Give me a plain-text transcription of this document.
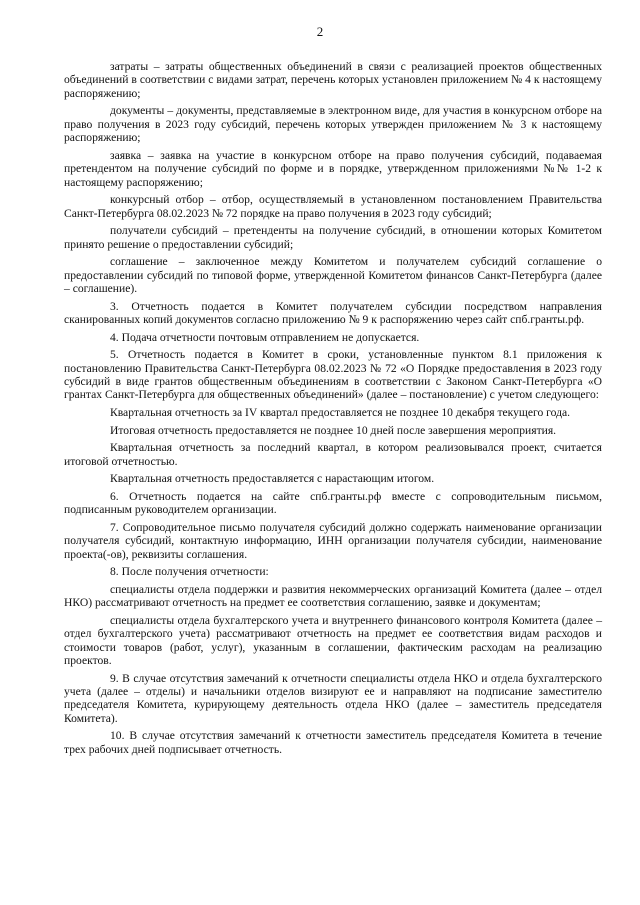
2

затраты – затраты общественных объединений в связи с реализацией проектов общественных объединений в соответствии с видами затрат, перечень которых установлен приложением № 4 к настоящему распоряжению;

документы – документы, представляемые в электронном виде, для участия в конкурсном отборе на право получения в 2023 году субсидий, перечень которых утвержден приложением № 3 к настоящему распоряжению;

заявка – заявка на участие в конкурсном отборе на право получения субсидий, подаваемая претендентом на получение субсидий по форме и в порядке, утвержденном приложениями №№ 1-2 к настоящему распоряжению;

конкурсный отбор – отбор, осуществляемый в установленном постановлением Правительства Санкт-Петербурга 08.02.2023 № 72 порядке на право получения в 2023 году субсидий;

получатели субсидий – претенденты на получение субсидий, в отношении которых Комитетом принято решение о предоставлении субсидий;

соглашение – заключенное между Комитетом и получателем субсидий соглашение о предоставлении субсидий по типовой форме, утвержденной Комитетом финансов Санкт-Петербурга (далее – соглашение).

3. Отчетность подается в Комитет получателем субсидии посредством направления сканированных копий документов согласно приложению № 9 к распоряжению через сайт спб.гранты.рф.

4. Подача отчетности почтовым отправлением не допускается.

5. Отчетность подается в Комитет в сроки, установленные пунктом 8.1 приложения к постановлению Правительства Санкт-Петербурга 08.02.2023 № 72 «О Порядке предоставления в 2023 году субсидий в виде грантов общественным объединениям в соответствии с Законом Санкт-Петербурга «О грантах Санкт-Петербурга для общественных объединений» (далее – постановление) с учетом следующего:

Квартальная отчетность за IV квартал предоставляется не позднее 10 декабря текущего года.

Итоговая отчетность предоставляется не позднее 10 дней после завершения мероприятия.

Квартальная отчетность за последний квартал, в котором реализовывался проект, считается итоговой отчетностью.

Квартальная отчетность предоставляется с нарастающим итогом.

6. Отчетность подается на сайте спб.гранты.рф вместе с сопроводительным письмом, подписанным руководителем организации.

7. Сопроводительное письмо получателя субсидий должно содержать наименование организации получателя субсидий, контактную информацию, ИНН организации получателя субсидии, наименование проекта(-ов), реквизиты соглашения.

8. После получения отчетности:

специалисты отдела поддержки и развития некоммерческих организаций Комитета (далее – отдел НКО) рассматривают отчетность на предмет ее соответствия соглашению, заявке и документам;

специалисты отдела бухгалтерского учета и внутреннего финансового контроля Комитета (далее – отдел бухгалтерского учета) рассматривают отчетность на предмет ее соответствия видам расходов и стоимости товаров (работ, услуг), указанным в соглашении, фактическим расходам на реализацию проектов.

9. В случае отсутствия замечаний к отчетности специалисты отдела НКО и отдела бухгалтерского учета (далее – отделы) и начальники отделов визируют ее и направляют на подписание заместителю председателя Комитета, курирующему деятельность отдела НКО (далее – заместитель председателя Комитета).

10. В случае отсутствия замечаний к отчетности заместитель председателя Комитета в течение трех рабочих дней подписывает отчетность.
